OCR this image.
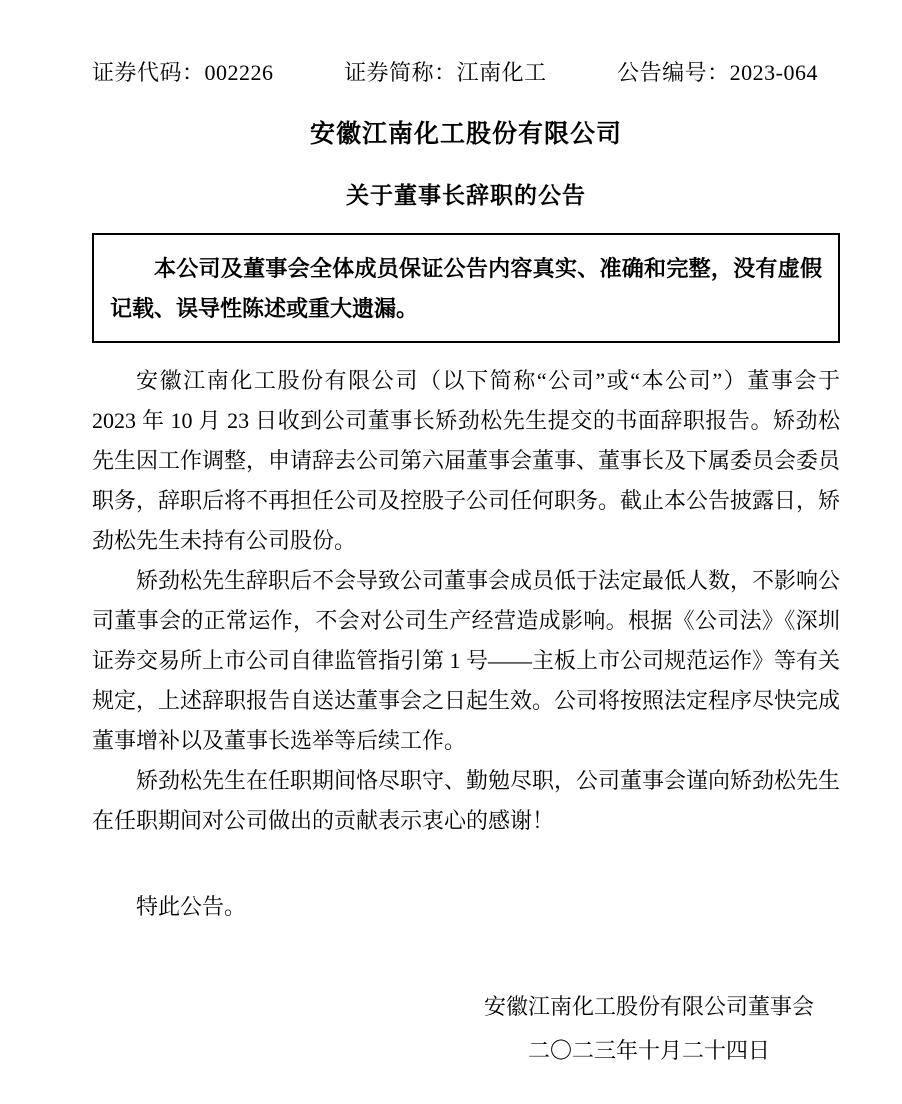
证券代码：002226	证券简称：江南化工	公告编号：2023-064
安徽江南化工股份有限公司
关于董事长辞职的公告

本公司及董事会全体成员保证公告内容真实、准确和完整，没有虚假记载、误导性陈述或重大遗漏。

安徽江南化工股份有限公司（以下简称“公司”或“本公司”）董事会于 2023 年 10 月 23 日收到公司董事长矫劲松先生提交的书面辞职报告。矫劲松先生因工作调整，申请辞去公司第六届董事会董事、董事长及下属委员会委员职务，辞职后将不再担任公司及控股子公司任何职务。截止本公告披露日，矫劲松先生未持有公司股份。

矫劲松先生辞职后不会导致公司董事会成员低于法定最低人数，不影响公司董事会的正常运作，不会对公司生产经营造成影响。根据《公司法》《深圳证券交易所上市公司自律监管指引第 1 号——主板上市公司规范运作》等有关规定，上述辞职报告自送达董事会之日起生效。公司将按照法定程序尽快完成董事增补以及董事长选举等后续工作。

矫劲松先生在任职期间恪尽职守、勤勉尽职，公司董事会谨向矫劲松先生在任职期间对公司做出的贡献表示衷心的感谢！

特此公告。

安徽江南化工股份有限公司董事会
二〇二三年十月二十四日
